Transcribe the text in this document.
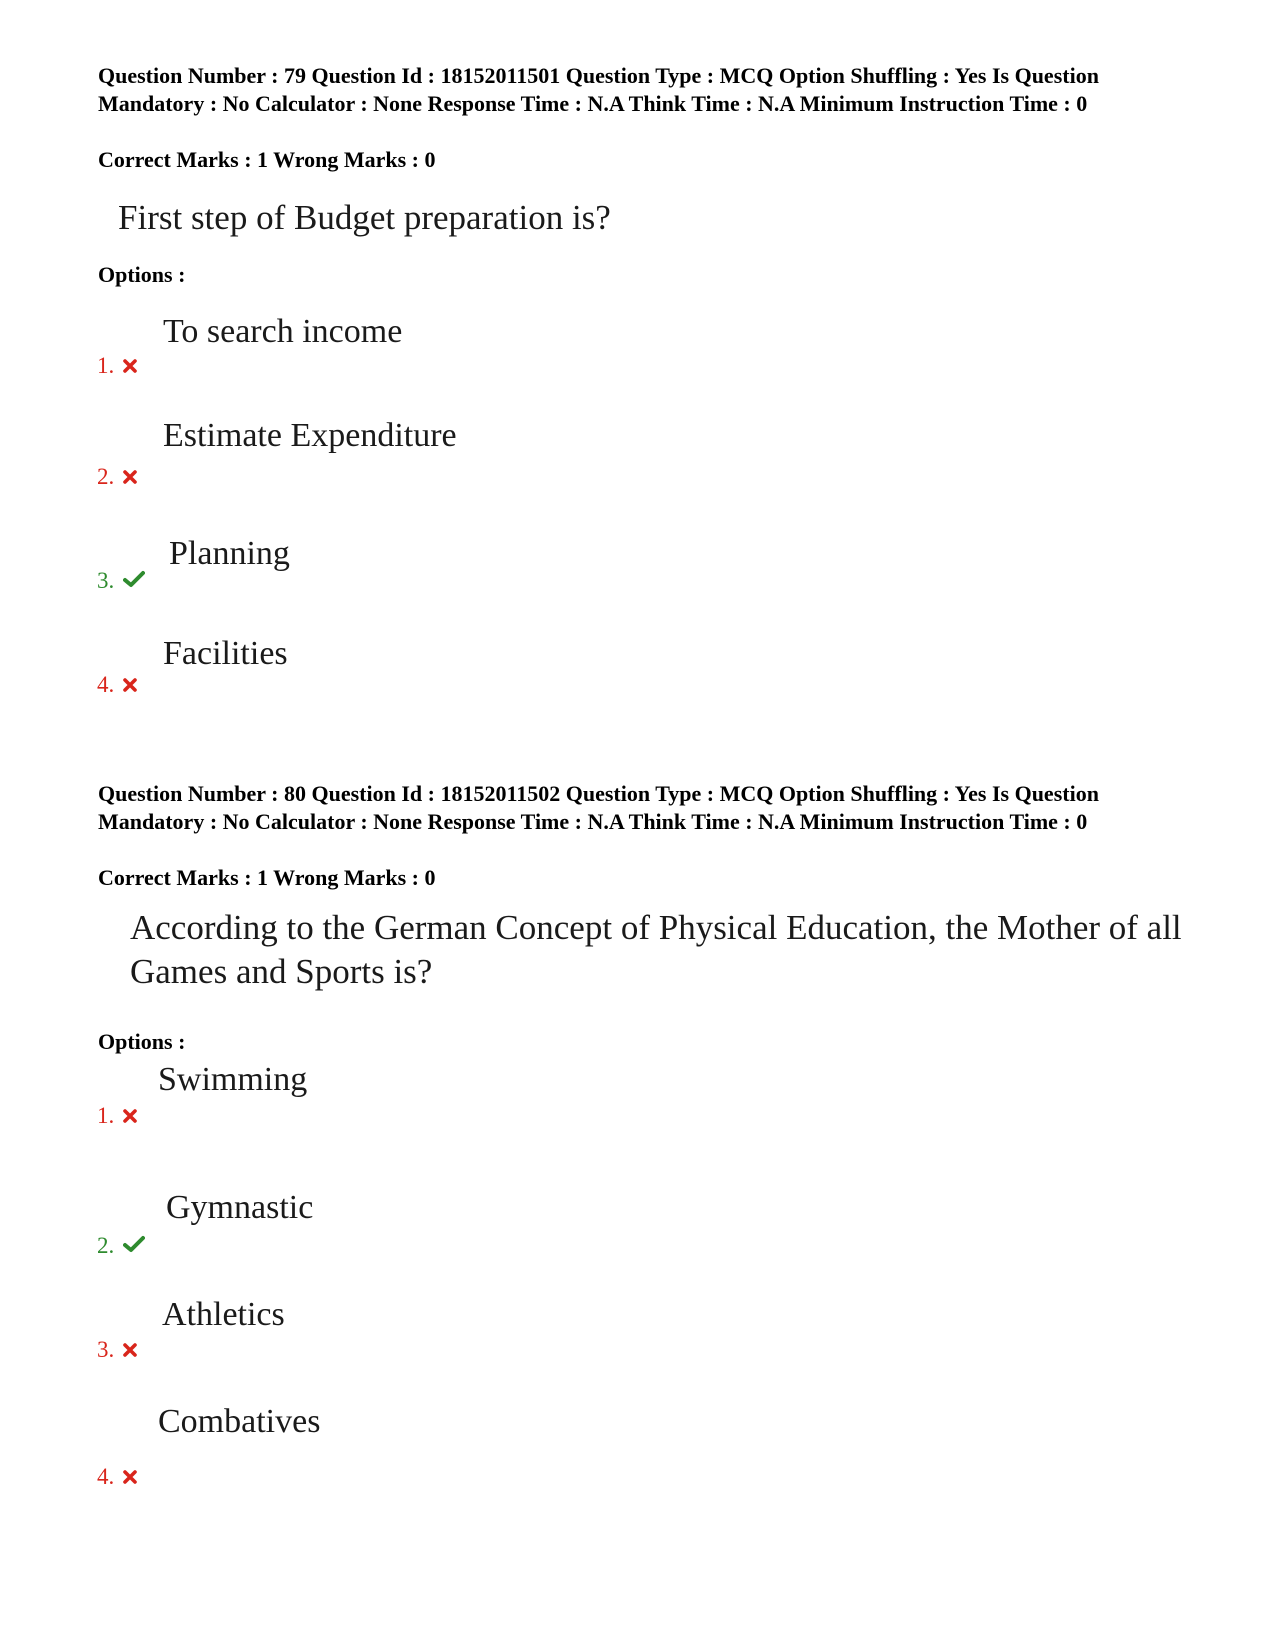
Question Number : 79 Question Id : 18152011501 Question Type : MCQ Option Shuffling : Yes Is Question Mandatory : No Calculator : None Response Time : N.A Think Time : N.A Minimum Instruction Time : 0
Correct Marks : 1 Wrong Marks : 0
First step of Budget preparation is?
Options :
To search income
1.
Estimate Expenditure
2.
Planning
3.
Facilities
4.
Question Number : 80 Question Id : 18152011502 Question Type : MCQ Option Shuffling : Yes Is Question Mandatory : No Calculator : None Response Time : N.A Think Time : N.A Minimum Instruction Time : 0
Correct Marks : 1 Wrong Marks : 0
According to the German Concept of Physical Education, the Mother of all Games and Sports is?
Options :
Swimming
1.
Gymnastic
2.
Athletics
3.
Combatives
4.
